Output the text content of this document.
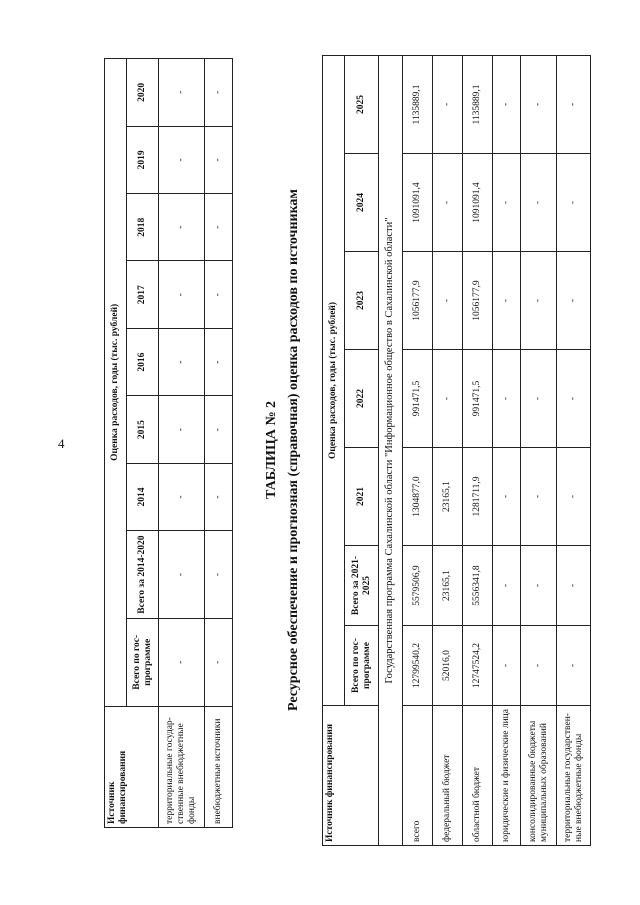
4
Источник финансирования	Оценка расходов, годы (тыс. рублей)								
	Всего по гос-программе	Всего за 2014-2020	2014	2015	2016	2017	2018	2019	2020
территориальные государ-ственные внебюджетные фонды	-	-	-	-	-	-	-	-	-
внебюджетные источники	-	-	-	-	-	-	-	-	-
ТАБЛИЦА № 2 Ресурсное обеспечение и прогнозная (справочная) оценка расходов по источникам
Источник финансирования	Оценка расходов, годы (тыс. рублей)						
	Всего по гос-программе	Всего за 2021-2025	2021	2022	2023	2024	2025
Государственная программа Сахалинской области "Информационное общество в Сахалинской области"							
всего	12799540,2	5579506,9	1304877,0	991471,5	1056177,9	1091091,4	1135889,1
федеральный бюджет	52016,0	23165,1	23165,1	-	-	-	-
областной бюджет	12747524,2	5556341,8	1281711,9	991471,5	1056177,9	1091091,4	1135889,1
юридические и физические лица	-	-	-	-	-	-	-
консолидированные бюджеты муниципальных образований	-	-	-	-	-	-	-
территориальные государствен-ные внебюджетные фонды	-	-	-	-	-	-	-
